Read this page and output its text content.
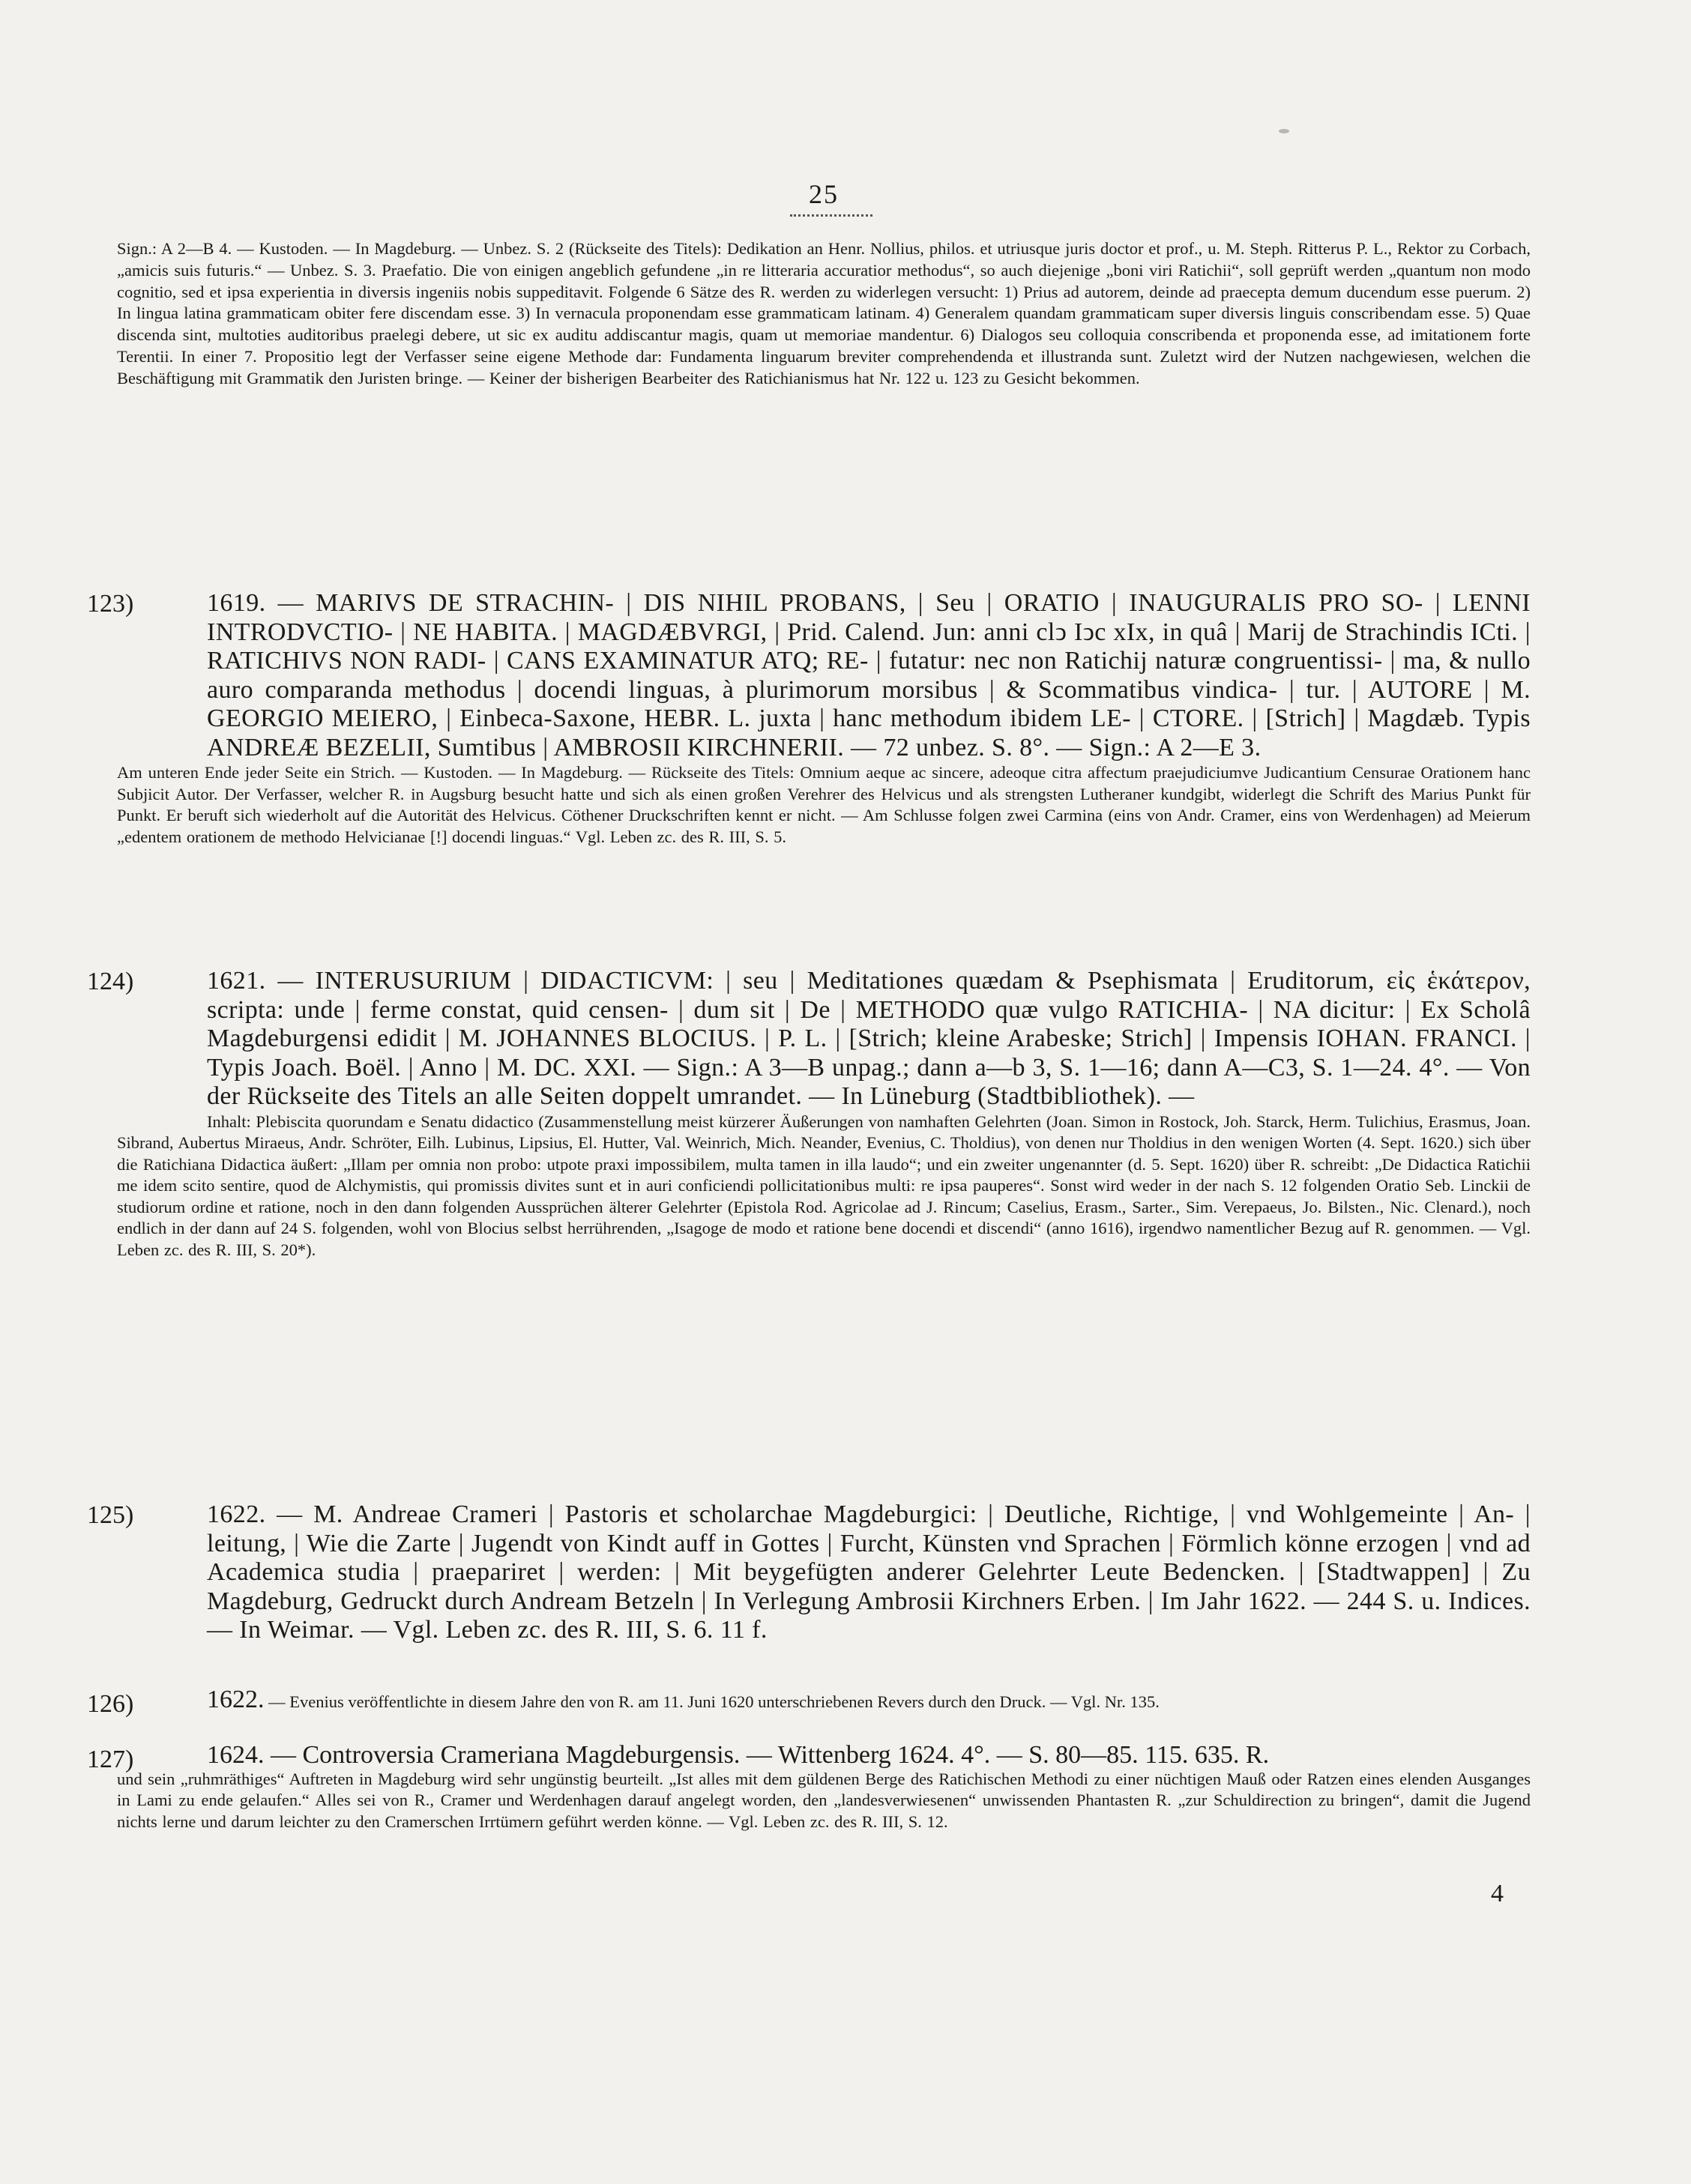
25
Sign.: A 2—B 4. — Kustoden. — In Magdeburg. — Unbez. S. 2 (Rückseite des Titels): Dedikation an Henr. Nollius, philos. et utriusque juris doctor et prof., u. M. Steph. Ritterus P. L., Rektor zu Corbach, „amicis suis futuris.“ — Unbez. S. 3. Praefatio. Die von einigen angeblich gefundene „in re litteraria accuratior methodus“, so auch diejenige „boni viri Ratichii“, soll geprüft werden „quantum non modo cognitio, sed et ipsa experientia in diversis ingeniis nobis suppeditavit. Folgende 6 Sätze des R. werden zu widerlegen versucht: 1) Prius ad autorem, deinde ad praecepta demum ducendum esse puerum. 2) In lingua latina grammaticam obiter fere discendam esse. 3) In vernacula proponendam esse grammaticam latinam. 4) Generalem quandam grammaticam super diversis linguis conscribendam esse. 5) Quae discenda sint, multoties auditoribus praelegi debere, ut sic ex auditu addiscantur magis, quam ut memoriae mandentur. 6) Dialogos seu colloquia conscribenda et proponenda esse, ad imitationem forte Terentii. In einer 7. Propositio legt der Verfasser seine eigene Methode dar: Fundamenta linguarum breviter comprehendenda et illustranda sunt. Zuletzt wird der Nutzen nachgewiesen, welchen die Beschäftigung mit Grammatik den Juristen bringe. — Keiner der bisherigen Bearbeiter des Ratichianismus hat Nr. 122 u. 123 zu Gesicht bekommen.
123)	1619. — MARIVS DE STRACHIN- | DIS NIHIL PROBANS, | Seu | ORATIO | INAUGURALIS PRO SO- | LENNI INTRODVCTIO- | NE HABITA. | MAGDÆBVRGI, | Prid. Calend. Jun: anni clↄ Iↄc xIx, in quâ | Marij de Strachindis ICti. | RATICHIVS NON RADI- | CANS EXAMINATUR ATQ; RE- | futatur: nec non Ratichij naturæ congruentissi- | ma, & nullo auro comparanda methodus | docendi linguas, à plurimorum morsibus | & Scommatibus vindica- | tur. | AUTORE | M. GEORGIO MEIERO, | Einbeca-Saxone, HEBR. L. juxta | hanc methodum ibidem LE- | CTORE. | [Strich] | Magdæb. Typis ANDREÆ BEZELII, Sumtibus | AMBROSII KIRCHNERII. — 72 unbez. S. 8°. — Sign.: A 2—E 3.
Am unteren Ende jeder Seite ein Strich. — Kustoden. — In Magdeburg. — Rückseite des Titels: Omnium aeque ac sincere, adeoque citra affectum praejudiciumve Judicantium Censurae Orationem hanc Subjicit Autor. Der Verfasser, welcher R. in Augsburg besucht hatte und sich als einen großen Verehrer des Helvicus und als strengsten Lutheraner kundgibt, widerlegt die Schrift des Marius Punkt für Punkt. Er beruft sich wiederholt auf die Autorität des Helvicus. Cöthener Druckschriften kennt er nicht. — Am Schlusse folgen zwei Carmina (eins von Andr. Cramer, eins von Werdenhagen) ad Meierum „edentem orationem de methodo Helvicianae [!] docendi linguas.“ Vgl. Leben zc. des R. III, S. 5.
124)	1621. — INTERUSURIUM | DIDACTICVM: | seu | Meditationes quædam & Psephismata | Eruditorum, εἰς ἑκάτερον, scripta: unde | ferme constat, quid censen- | dum sit | De | METHODO quæ vulgo RATICHIA- | NA dicitur: | Ex Scholâ Magdeburgensi edidit | M. JOHANNES BLOCIUS. | P. L. | [Strich; kleine Arabeske; Strich] | Impensis IOHAN. FRANCI. | Typis Joach. Boël. | Anno | M. DC. XXI. — Sign.: A 3—B unpag.; dann a—b 3, S. 1—16; dann A—C3, S. 1—24. 4°. — Von der Rückseite des Titels an alle Seiten doppelt umrandet. — In Lüneburg (Stadtbibliothek). —
Inhalt: Plebiscita quorundam e Senatu didactico (Zusammenstellung meist kürzerer Äußerungen von namhaften Gelehrten (Joan. Simon in Rostock, Joh. Starck, Herm. Tulichius, Erasmus, Joan. Sibrand, Aubertus Miraeus, Andr. Schröter, Eilh. Lubinus, Lipsius, El. Hutter, Val. Weinrich, Mich. Neander, Evenius, C. Tholdius), von denen nur Tholdius in den wenigen Worten (4. Sept. 1620.) sich über die Ratichiana Didactica äußert: „Illam per omnia non probo: utpote praxi impossibilem, multa tamen in illa laudo“; und ein zweiter ungenannter (d. 5. Sept. 1620) über R. schreibt: „De Didactica Ratichii me idem scito sentire, quod de Alchymistis, qui promissis divites sunt et in auri conficiendi pollicitationibus multi: re ipsa pauperes“. Sonst wird weder in der nach S. 12 folgenden Oratio Seb. Linckii de studiorum ordine et ratione, noch in den dann folgenden Aussprüchen älterer Gelehrter (Epistola Rod. Agricolae ad J. Rincum; Caselius, Erasm., Sarter., Sim. Verepaeus, Jo. Bilsten., Nic. Clenard.), noch endlich in der dann auf 24 S. folgenden, wohl von Blocius selbst herrührenden, „Isagoge de modo et ratione bene docendi et discendi“ (anno 1616), irgendwo namentlicher Bezug auf R. genommen. — Vgl. Leben zc. des R. III, S. 20*).
125)	1622. — M. Andreae Crameri | Pastoris et scholarchae Magdeburgici: | Deutliche, Richtige, | vnd Wohlgemeinte | An- | leitung, | Wie die Zarte | Jugendt von Kindt auff in Gottes | Furcht, Künsten vnd Sprachen | Förmlich könne erzogen | vnd ad Academica studia | praepariret | werden: | Mit beygefügten anderer Gelehrter Leute Bedencken. | [Stadtwappen] | Zu Magdeburg, Gedruckt durch Andream Betzeln | In Verlegung Ambrosii Kirchners Erben. | Im Jahr 1622. — 244 S. u. Indices. — In Weimar. — Vgl. Leben zc. des R. III, S. 6. 11 f.
126)	1622. — Evenius veröffentlichte in diesem Jahre den von R. am 11. Juni 1620 unterschriebenen Revers durch den Druck. — Vgl. Nr. 135.
127)	1624. — Controversia Crameriana Magdeburgensis. — Wittenberg 1624. 4°. — S. 80—85. 115. 635. R.
und sein „ruhmräthiges“ Auftreten in Magdeburg wird sehr ungünstig beurteilt. „Ist alles mit dem güldenen Berge des Ratichischen Methodi zu einer nüchtigen Mauß oder Ratzen eines elenden Ausganges in Lami zu ende gelaufen.“ Alles sei von R., Cramer und Werdenhagen darauf angelegt worden, den „landesverwiesenen“ unwissenden Phantasten R. „zur Schuldirection zu bringen“, damit die Jugend nichts lerne und darum leichter zu den Cramerschen Irrtümern geführt werden könne. — Vgl. Leben zc. des R. III, S. 12.
4
